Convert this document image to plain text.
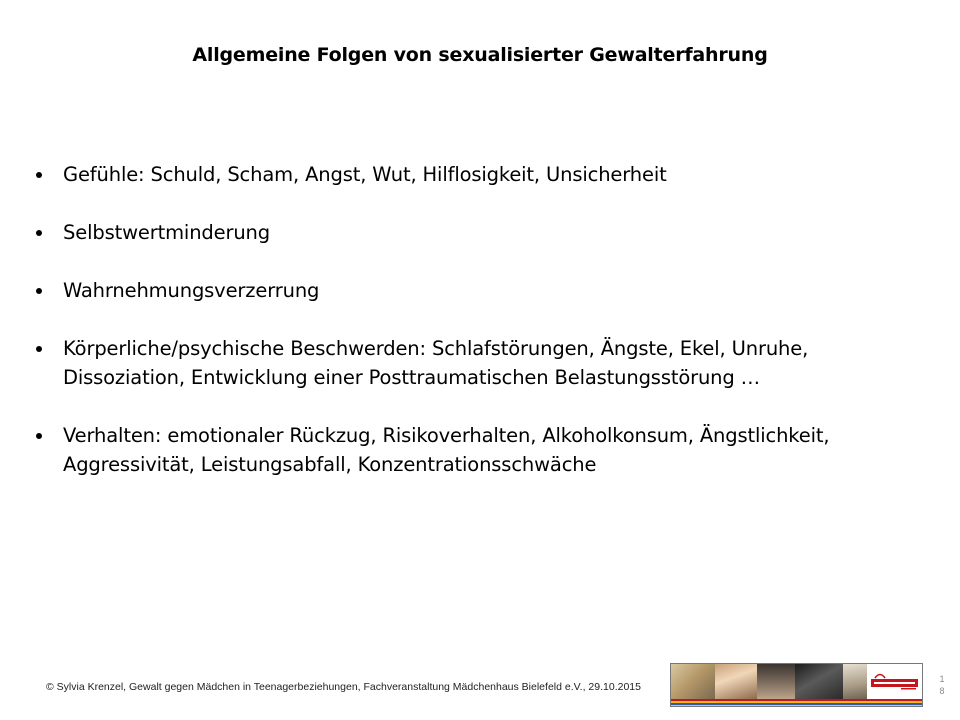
Allgemeine Folgen von sexualisierter Gewalterfahrung
Gefühle: Schuld, Scham, Angst, Wut, Hilflosigkeit, Unsicherheit
Selbstwertminderung
Wahrnehmungsverzerrung
Körperliche/psychische Beschwerden: Schlafstörungen, Ängste, Ekel, Unruhe,
Dissoziation, Entwicklung einer Posttraumatischen Belastungsstörung …
Verhalten: emotionaler Rückzug, Risikoverhalten, Alkoholkonsum, Ängstlichkeit,
Aggressivität, Leistungsabfall, Konzentrationsschwäche
© Sylvia Krenzel, Gewalt gegen Mädchen in Teenagerbeziehungen, Fachveranstaltung Mädchenhaus Bielefeld e.V., 29.10.2015
1
8
